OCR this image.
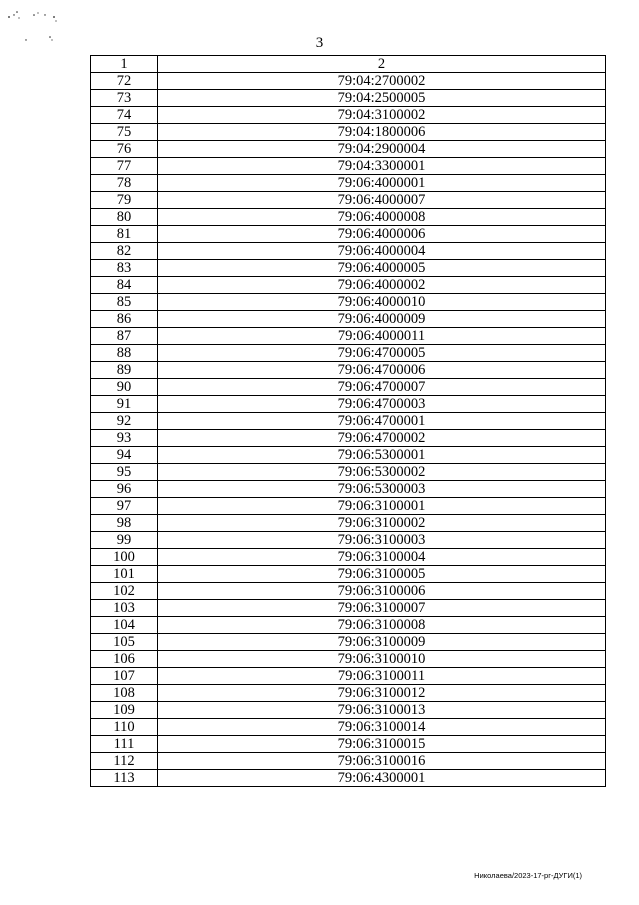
3
1	2
72	79:04:2700002
73	79:04:2500005
74	79:04:3100002
75	79:04:1800006
76	79:04:2900004
77	79:04:3300001
78	79:06:4000001
79	79:06:4000007
80	79:06:4000008
81	79:06:4000006
82	79:06:4000004
83	79:06:4000005
84	79:06:4000002
85	79:06:4000010
86	79:06:4000009
87	79:06:4000011
88	79:06:4700005
89	79:06:4700006
90	79:06:4700007
91	79:06:4700003
92	79:06:4700001
93	79:06:4700002
94	79:06:5300001
95	79:06:5300002
96	79:06:5300003
97	79:06:3100001
98	79:06:3100002
99	79:06:3100003
100	79:06:3100004
101	79:06:3100005
102	79:06:3100006
103	79:06:3100007
104	79:06:3100008
105	79:06:3100009
106	79:06:3100010
107	79:06:3100011
108	79:06:3100012
109	79:06:3100013
110	79:06:3100014
111	79:06:3100015
112	79:06:3100016
113	79:06:4300001
Николаева/2023-17-рг-ДУГИ(1)
